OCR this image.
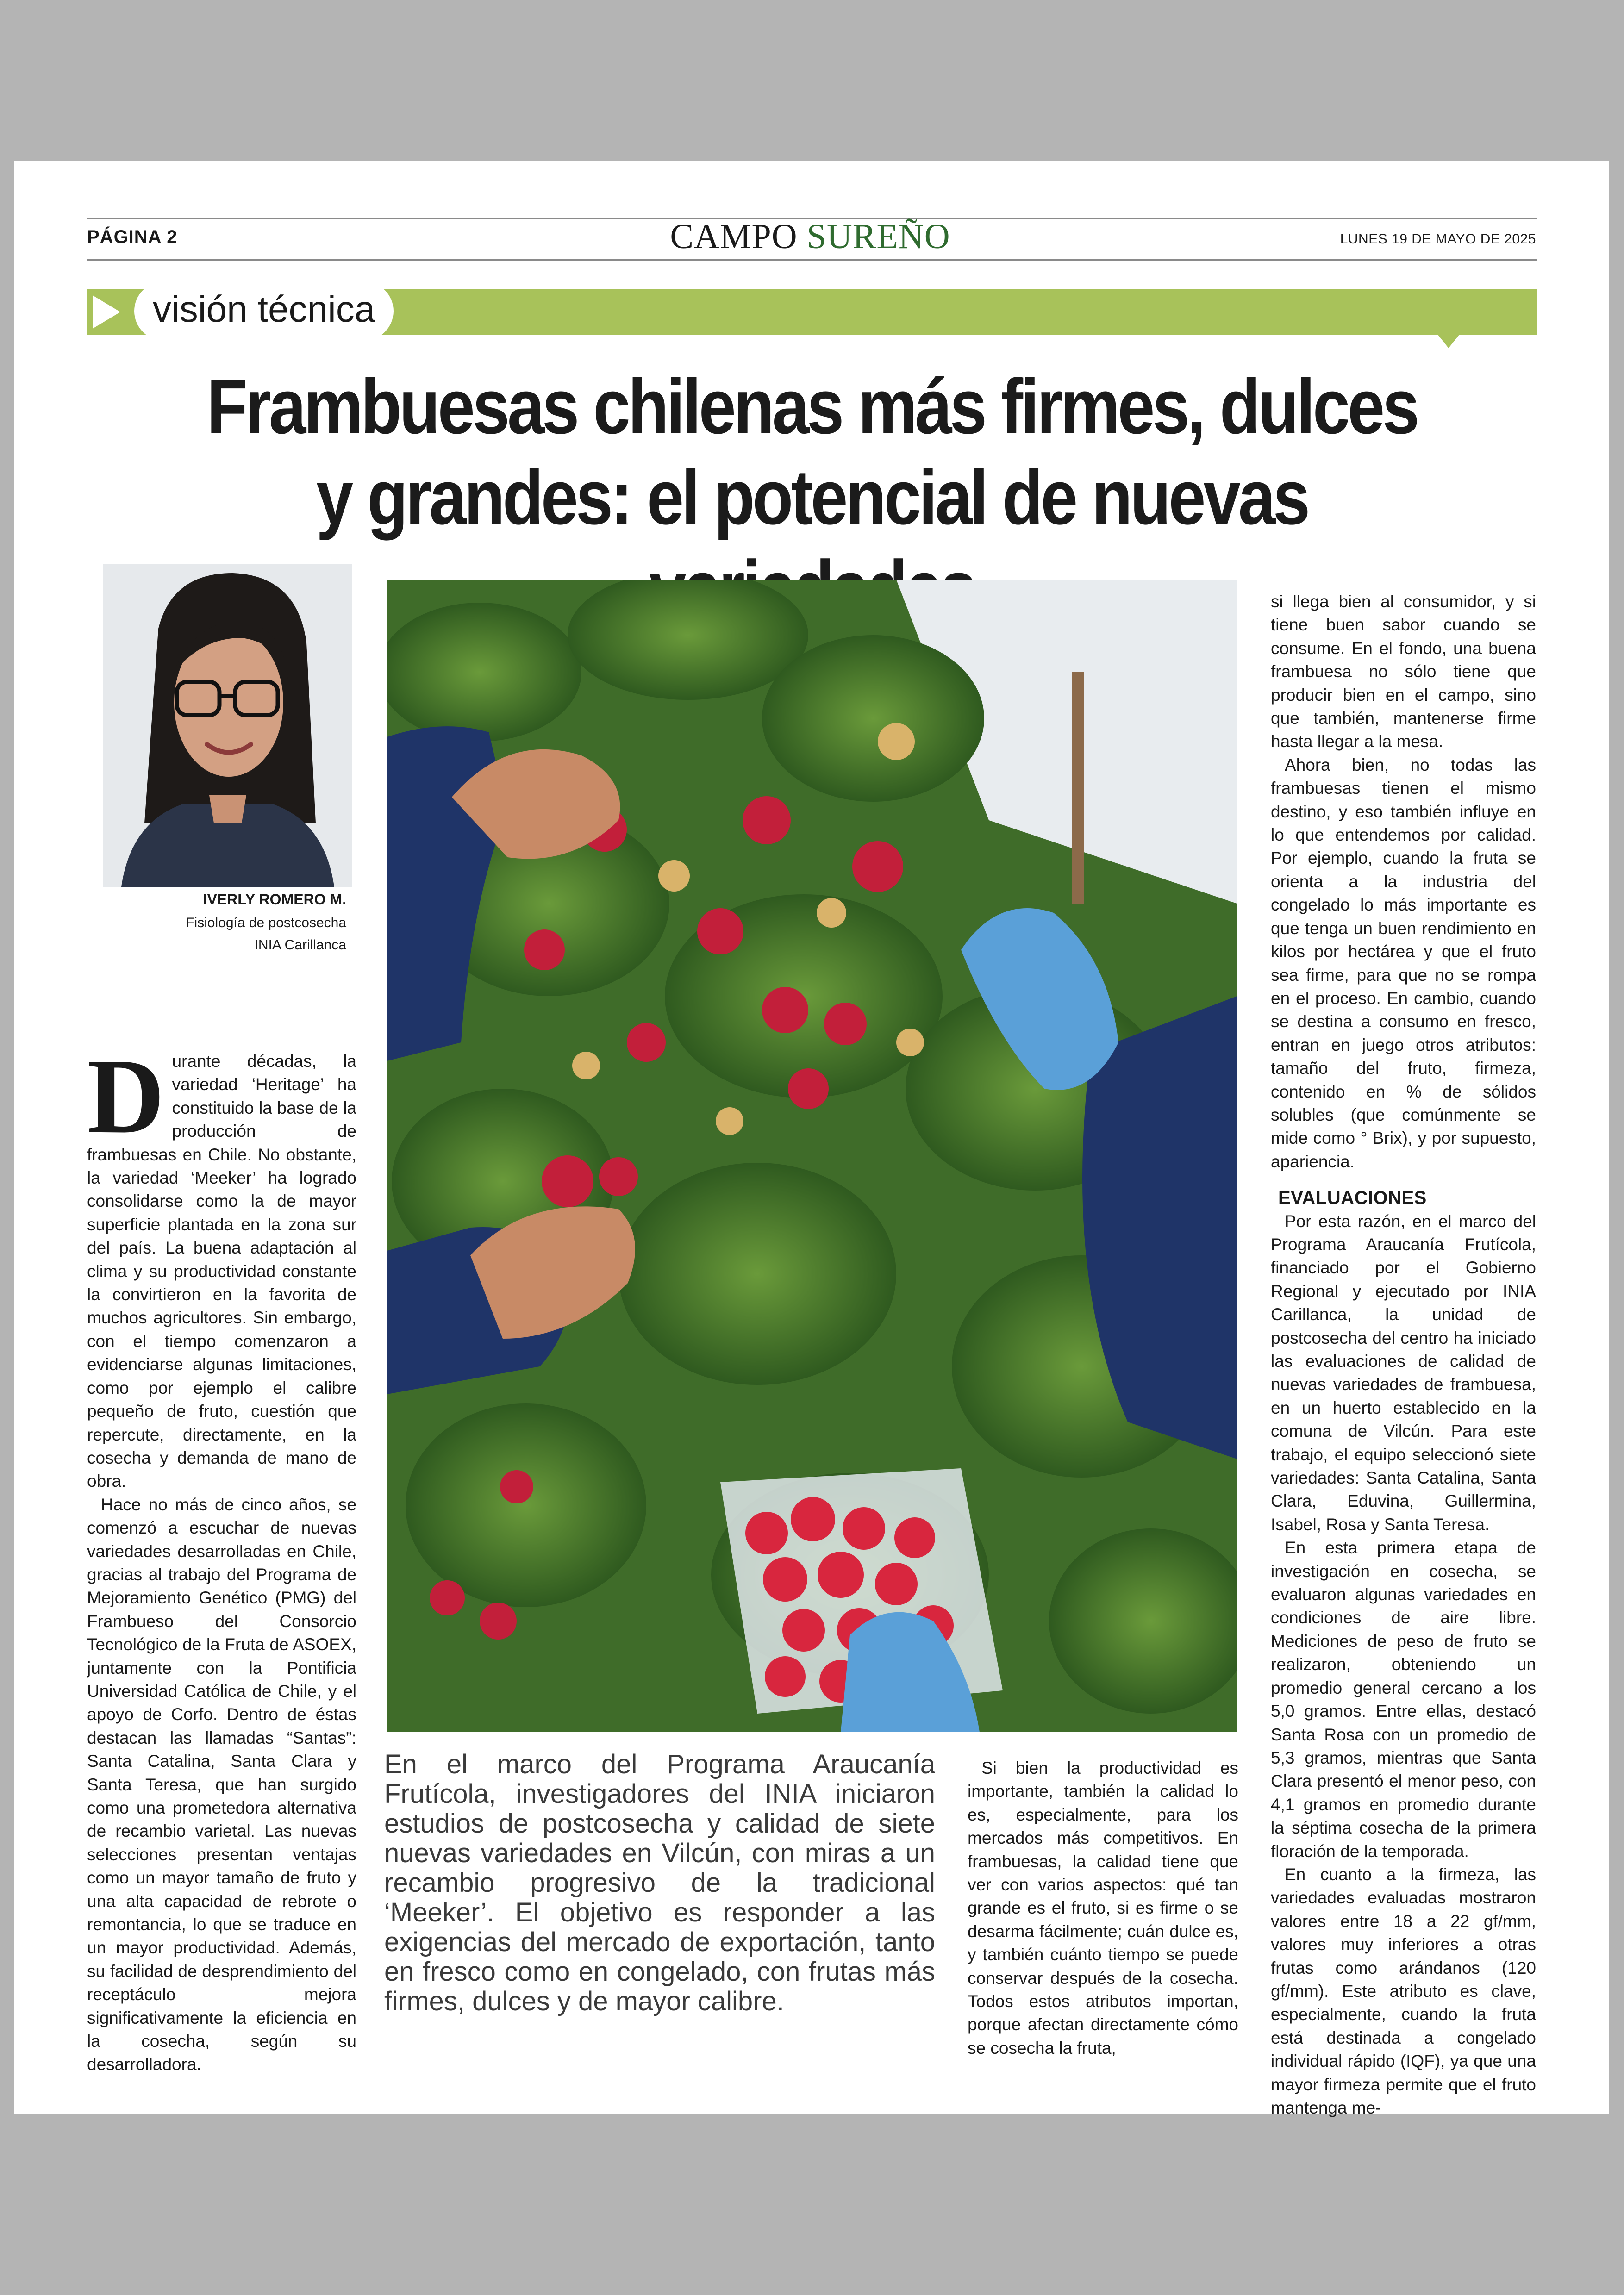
PÁGINA 2	CAMPO SUREÑO	LUNES 19 DE MAYO DE 2025
visión técnica
Frambuesas chilenas más firmes, dulces y grandes: el potencial de nuevas
IVERLY ROMERO M.
Fisiología de postcosecha
INIA Carillanca
D urante décadas, la variedad ‘Heritage’ ha constituido la base de la producción de frambuesas en Chile. No obstante, la variedad ‘Meeker’ ha logrado consolidarse como la de mayor superficie plantada en la zona sur del país. La buena adaptación al clima y su productividad constante la convirtieron en la favorita de muchos agricultores. Sin embargo, con el tiempo comenzaron a evidenciarse algunas limitaciones, como por ejemplo el calibre pequeño de fruto, cuestión que repercute, directamente, en la cosecha y demanda de mano de obra.

Hace no más de cinco años, se comenzó a escuchar de nuevas variedades desarrolladas en Chile, gracias al trabajo del Programa de Mejoramiento Genético (PMG) del Frambueso del Consorcio Tecnológico de la Fruta de ASOEX, juntamente con la Pontificia Universidad Católica de Chile, y el apoyo de Corfo. Dentro de éstas destacan las llamadas “Santas”: Santa Catalina, Santa Clara y Santa Teresa, que han surgido como una prometedora alternativa de recambio varietal. Las nuevas selecciones presentan ventajas como un mayor tamaño de fruto y una alta capacidad de rebrote o remontancia, lo que se traduce en un mayor productividad. Además, su facilidad de desprendimiento del receptáculo mejora significativamente la eficiencia en la cosecha, según su desarrolladora.

En el marco del Programa Araucanía Frutícola, investigadores del INIA iniciaron estudios de postcosecha y calidad de siete nuevas variedades en Vilcún, con miras a un recambio progresivo de la tradicional ‘Meeker’. El objetivo es responder a las exigencias del mercado de exportación, tanto en fresco como en congelado, con frutas más firmes, dulces y de mayor calibre.

Si bien la productividad es importante, también la calidad lo es, especialmente, para los mercados más competitivos. En frambuesas, la calidad tiene que ver con varios aspectos: qué tan grande es el fruto, si es firme o se desarma fácilmente; cuán dulce es, y también cuánto tiempo se puede conservar después de la cosecha. Todos estos atributos importan, porque afectan directamente cómo se cosecha la fruta,

si llega bien al consumidor, y si tiene buen sabor cuando se consume. En el fondo, una buena frambuesa no sólo tiene que producir bien en el campo, sino que también, mantenerse firme hasta llegar a la mesa.

Ahora bien, no todas las frambuesas tienen el mismo destino, y eso también influye en lo que entendemos por calidad. Por ejemplo, cuando la fruta se orienta a la industria del congelado lo más importante es que tenga un buen rendimiento en kilos por hectárea y que el fruto sea firme, para que no se rompa en el proceso. En cambio, cuando se destina a consumo en fresco, entran en juego otros atributos: tamaño del fruto, firmeza, contenido en % de sólidos solubles (que comúnmente se mide como ° Brix), y por supuesto, apariencia.

EVALUACIONES

Por esta razón, en el marco del Programa Araucanía Frutícola, financiado por el Gobierno Regional y ejecutado por INIA Carillanca, la unidad de postcosecha del centro ha iniciado las evaluaciones de calidad de nuevas variedades de frambuesa, en un huerto establecido en la comuna de Vilcún. Para este trabajo, el equipo seleccionó siete variedades: Santa Catalina, Santa Clara, Eduvina, Guillermina, Isabel, Rosa y Santa Teresa.

En esta primera etapa de investigación en cosecha, se evaluaron algunas variedades en condiciones de aire libre. Mediciones de peso de fruto se realizaron, obteniendo un promedio general cercano a los 5,0 gramos. Entre ellas, destacó Santa Rosa con un promedio de 5,3 gramos, mientras que Santa Clara presentó el menor peso, con 4,1 gramos en promedio durante la séptima cosecha de la primera floración de la temporada.

En cuanto a la firmeza, las variedades evaluadas mostraron valores entre 18 a 22 gf/mm, valores muy inferiores a otras frutas como arándanos (120 gf/mm). Este atributo es clave, especialmente, cuando la fruta está destinada a congelado individual rápido (IQF), ya que una mayor firmeza permite que el fruto mantenga me-
